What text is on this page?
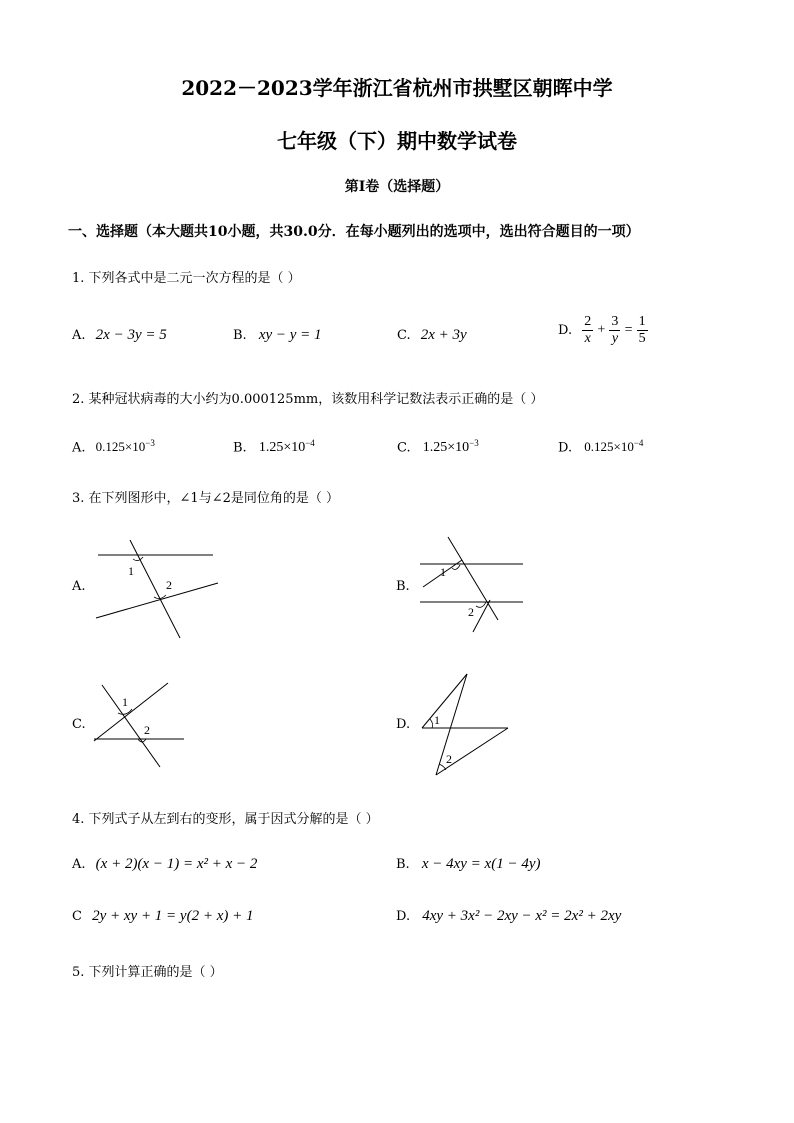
2022－2023学年浙江省杭州市拱墅区朝晖中学
七年级（下）期中数学试卷
第I卷（选择题）
一、选择题（本大题共10小题，共30.0分．在每小题列出的选项中，选出符合题目的一项）
1. 下列各式中是二元一次方程的是（ ）
A. 2x − 3y = 5	B. xy − y = 1	C. 2x + 3y	D. $\frac{2}{x} + \frac{3}{y} = \frac{1}{5}$
2. 某种冠状病毒的大小约为0.000125mm，该数用科学记数法表示正确的是（ ）
A. $0.125\times 10^{-3}$	B. $1.25\times 10^{-4}$	C. $1.25\times 10^{-3}$	D. $0.125\times 10^{-4}$
3. 在下列图形中，∠1与∠2是同位角的是（ ）
A.
1
2	B.
1
2
C.
1
2	D. 1
2
4. 下列式子从左到右的变形，属于因式分解的是（ ）
A. (x + 2)(x − 1) = x² + x − 2	B. x − 4xy = x(1 − 4y)
C 2y + xy + 1 = y(2 + x) + 1	D. 4xy + 3x² − 2xy − x² = 2x² + 2xy
5. 下列计算正确的是（ ）
